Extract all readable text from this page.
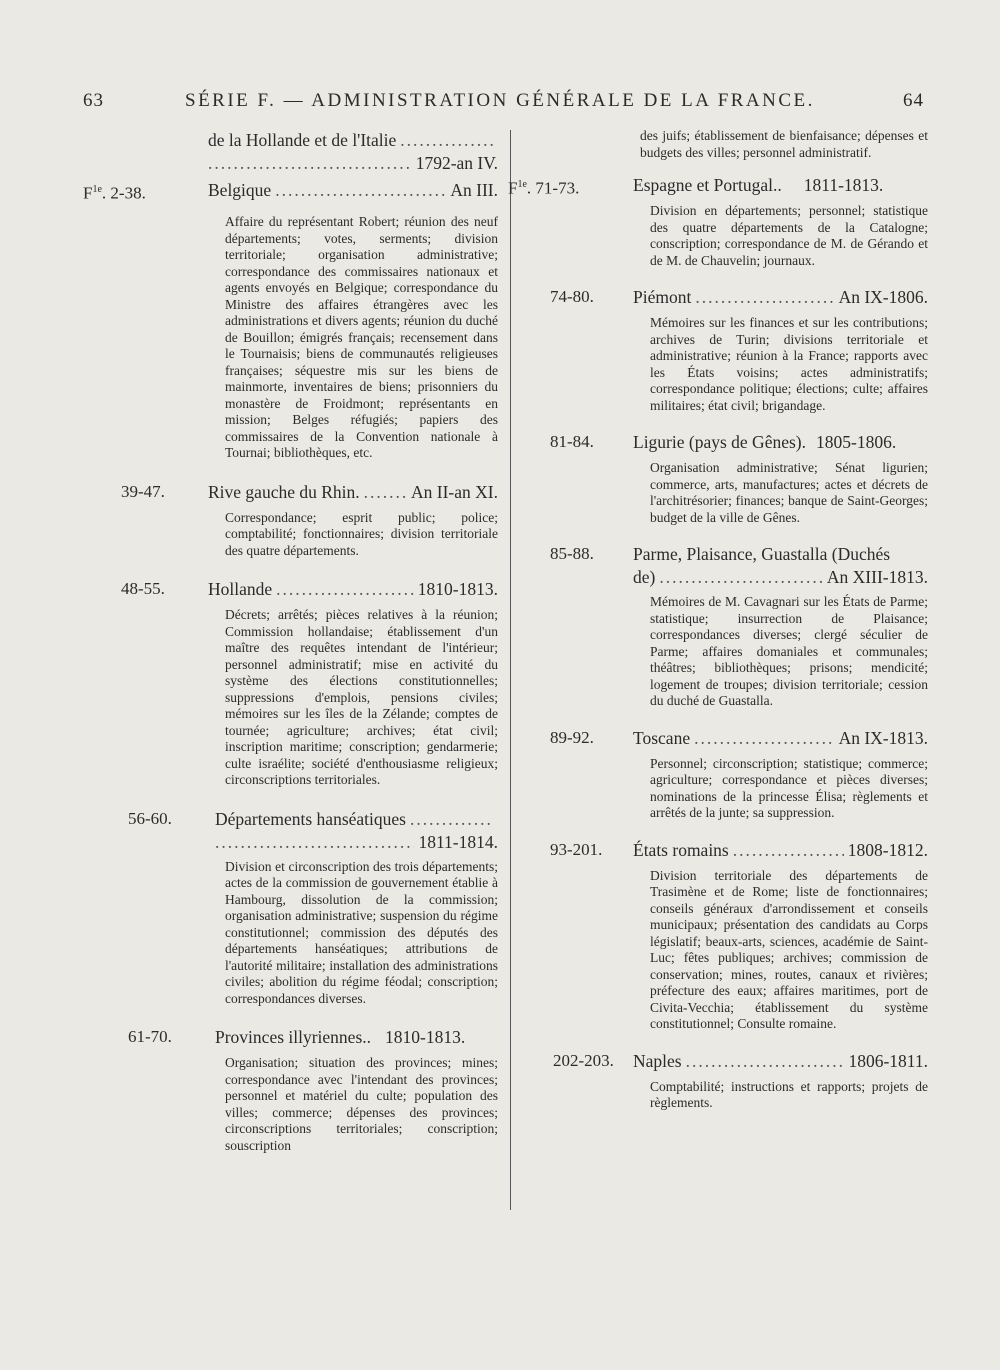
63	SÉRIE F. — ADMINISTRATION GÉNÉRALE DE LA FRANCE.	64
de la Hollande et de l'Italie
.....
.....
1792-an IV.
$F^{1e}$. 2-38.	Belgique .....	An III.
Affaire du représentant Robert; réunion des neuf départements; votes, serments; division territoriale; organisation administrative; correspondance des commissaires nationaux et agents envoyés en Belgique; correspondance du Ministre des affaires étrangères avec les administrations et divers agents; réunion du duché de Bouillon; émigrés français; recensement dans le Tournaisis; biens de communautés religieuses françaises; séquestre mis sur les biens de mainmorte, inventaires de biens; prisonniers du monastère de Froidmont; représentants en mission; Belges réfugiés; papiers des commissaires de la Convention nationale à Tournai; bibliothèques, etc.
39-47. Rive gauche du Rhin. .....	An II-an XI.
Correspondance; esprit public; police; comptabilité; fonctionnaires; division territoriale des quatre départements.
48-55. Hollande .....	1810-1813.
Décrets; arrêtés; pièces relatives à la réunion; Commission hollandaise; établissement d'un maître des requêtes intendant de l'intérieur; personnel administratif; mise en activité du système des élections constitutionnelles; suppressions d'emplois, pensions civiles; mémoires sur les îles de la Zélande; comptes de tournée; agriculture; archives; état civil; inscription maritime; conscription; gendarmerie; culte israélite; société d'enthousiasme religieux; circonscriptions territoriales.
56-60. Départements hanséatiques
.....
.....
1811-1814.
Division et circonscription des trois départements; actes de la commission de gouvernement établie à Hambourg, dissolution de la commission; organisation administrative; suspension du régime constitutionnel; commission des députés des départements hanséatiques; attributions de l'autorité militaire; installation des administrations civiles; abolition du régime féodal; conscription; correspondances diverses.
61-70. Provinces illyriennes.. 1810-1813.
Organisation; situation des provinces; mines; correspondance avec l'intendant des provinces; personnel et matériel du culte; population des villes; commerce; dépenses des provinces; circonscriptions territoriales; conscription; souscription
des juifs; établissement de bienfaisance; dépenses et budgets des villes; personnel administratif.
$F^{1e}$. 71-73.	Espagne et Portugal.. 1811-1813.
Division en départements; personnel; statistique des quatre départements de la Catalogne; conscription; correspondance de M. de Gérando et de M. de Chauvelin; journaux.
74-80. Piémont .....	An IX-1806.
Mémoires sur les finances et sur les contributions; archives de Turin; divisions territoriale et administrative; réunion à la France; rapports avec les États voisins; actes administratifs; correspondance politique; élections; culte; affaires militaires; état civil; brigandage.
81-84. Ligurie (pays de Gênes). 1805-1806.
Organisation administrative; Sénat ligurien; commerce, arts, manufactures; actes et décrets de l'architrésorier; finances; banque de Saint-Georges; budget de la ville de Gênes.
85-88. Parme, Plaisance, Guastalla (Duchés
de) .....	An XIII-1813.
Mémoires de M. Cavagnari sur les États de Parme; statistique; insurrection de Plaisance; correspondances diverses; clergé séculier de Parme; affaires domaniales et communales; théâtres; bibliothèques; prisons; mendicité; logement de troupes; division territoriale; cession du duché de Guastalla.
89-92. Toscane .....	An IX-1813.
Personnel; circonscription; statistique; commerce; agriculture; correspondance et pièces diverses; nominations de la princesse Élisa; règlements et arrêtés de la junte; sa suppression.
93-201. États romains .....	1808-1812.
Division territoriale des départements de Trasimène et de Rome; liste de fonctionnaires; conseils généraux d'arrondissement et conseils municipaux; présentation des candidats au Corps législatif; beaux-arts, sciences, académie de Saint-Luc; fêtes publiques; archives; commission de conservation; mines, routes, canaux et rivières; préfecture des eaux; affaires maritimes, port de Civita-Vecchia; établissement du système constitutionnel; Consulte romaine.
202-203. Naples .....	1806-1811.
Comptabilité; instructions et rapports; projets de règlements.
